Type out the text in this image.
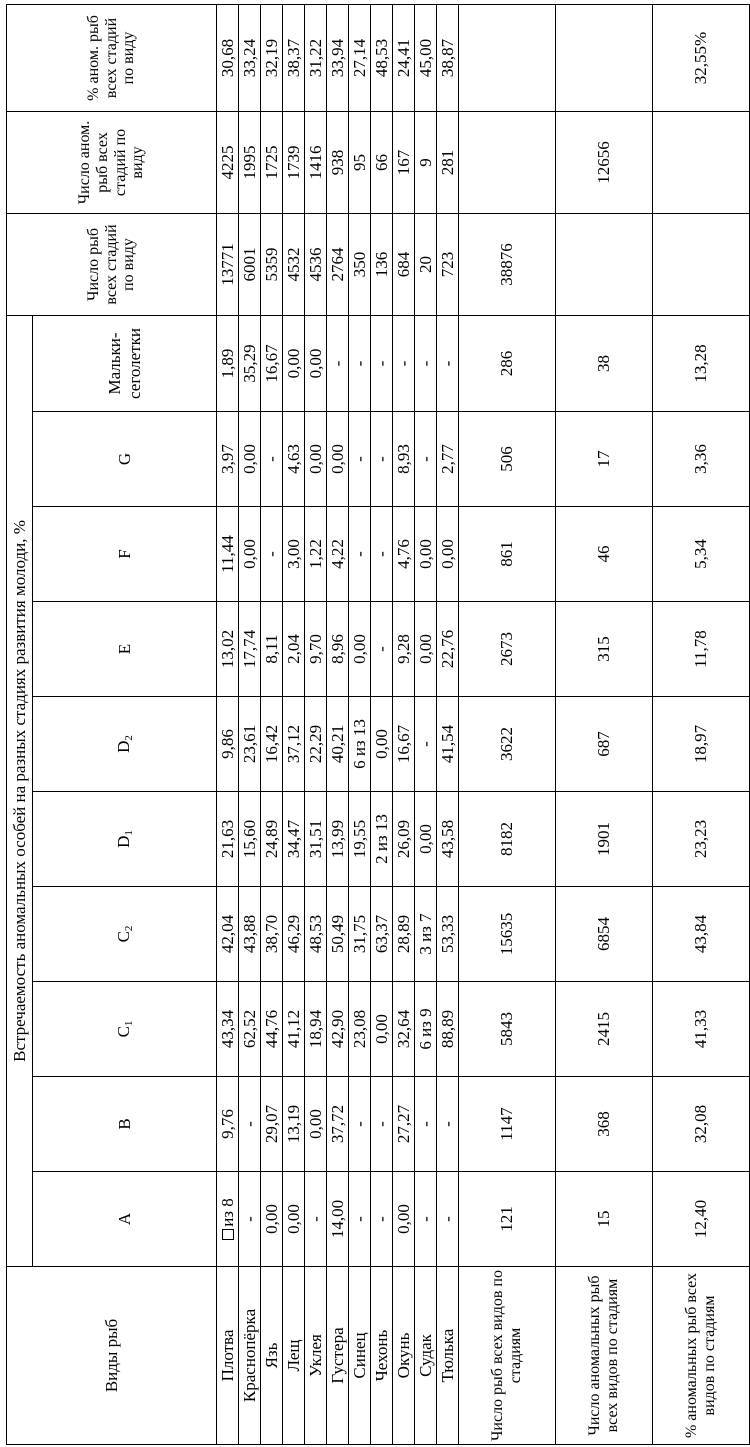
Виды рыб	Встречаемость аномальных особей на разных стадиях развития молоди, %										Число рыб всех стадий по виду	Число аном. рыб всех стадий по виду	% аном. рыб всех стадий по виду
	A	B	$C_1$	$C_2$	$D_1$	$D_2$	E	F	G	Мальки-сеголетки			
Плотва	из 8	9,76	43,34	42,04	21,63	9,86	13,02	11,44	3,97	1,89	13771	4225	30,68
Краснопёрка	-	-	62,52	43,88	15,60	23,61	17,74	0,00	0,00	35,29	6001	1995	33,24
Язь	0,00	29,07	44,76	38,70	24,89	16,42	8,11	-	-	16,67	5359	1725	32,19
Лещ	0,00	13,19	41,12	46,29	34,47	37,12	2,04	3,00	4,63	0,00	4532	1739	38,37
Уклея	-	0,00	18,94	48,53	31,51	22,29	9,70	1,22	0,00	0,00	4536	1416	31,22
Густера	14,00	37,72	42,90	50,49	13,99	40,21	8,96	4,22	0,00	-	2764	938	33,94
Синец	-	-	23,08	31,75	19,55	6 из 13	0,00	-	-	-	350	95	27,14
Чехонь	-	-	0,00	63,37	2 из 13	0,00	-	-	-	-	136	66	48,53
Окунь	0,00	27,27	32,64	28,89	26,09	16,67	9,28	4,76	8,93	-	684	167	24,41
Судак	-	-	6 из 9	3 из 7	0,00	-	0,00	0,00	-	-	20	9	45,00
Тюлька	-	-	88,89	53,33	43,58	41,54	22,76	0,00	2,77	-	723	281	38,87
Число рыб всех видов по стадиям	121	1147	5843	15635	8182	3622	2673	861	506	286	38876		
Число аномальных рыб всех видов по стадиям	15	368	2415	6854	1901	687	315	46	17	38		12656	
% аномальных рыб всех видов по стадиям	12,40	32,08	41,33	43,84	23,23	18,97	11,78	5,34	3,36	13,28			32,55%
